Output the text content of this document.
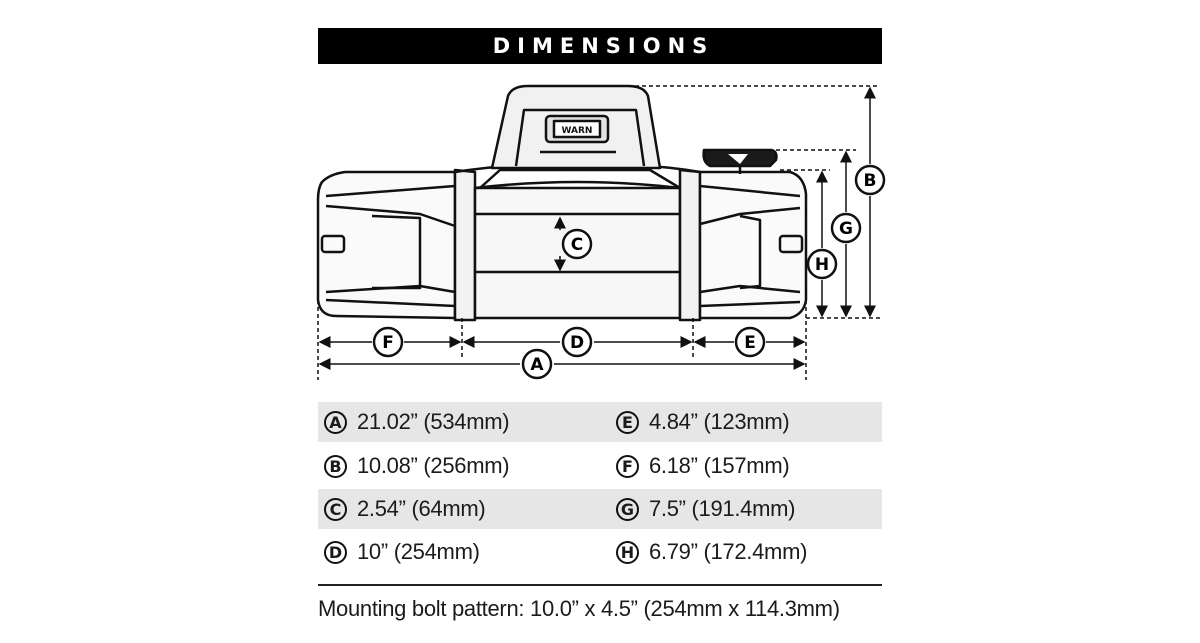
DIMENSIONS
WARN
F	D	E
A
C
B
G
H
A 21.02” (534mm)	E 4.84” (123mm)
B 10.08” (256mm)	F 6.18” (157mm)
C 2.54” (64mm)	G 7.5” (191.4mm)
D 10” (254mm)	H 6.79” (172.4mm)
Mounting bolt pattern: 10.0” x 4.5” (254mm x 114.3mm)
